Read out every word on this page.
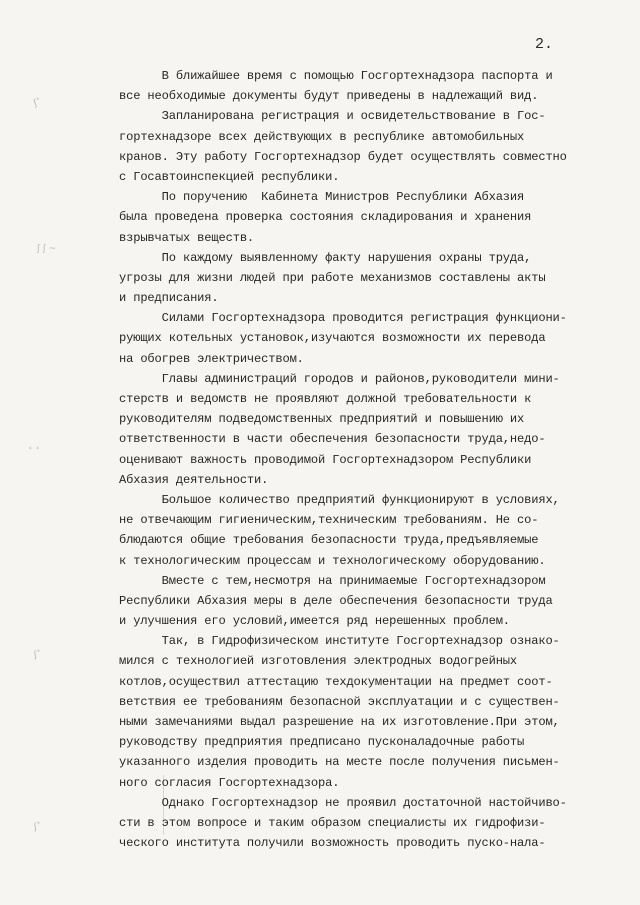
2.
ʃ˃
ʃ ʃ ~
˂ ˂
ʃ˃
ʃ˃
В ближайшее время с помощью Госгортехнадзора паспорта и
все необходимые документы будут приведены в надлежащий вид.
Запланирована регистрация и освидетельствование в Гос-
гортехнадзоре всех действующих в республике автомобильных
кранов. Эту работу Госгортехнадзор будет осуществлять совместно
с Госавтоинспекцией республики.
По поручению  Кабинета Министров Республики Абхазия
была проведена проверка состояния складирования и хранения
взрывчатых веществ.
По каждому выявленному факту нарушения охраны труда,
угрозы для жизни людей при работе механизмов составлены акты
и предписания.
Силами Госгортехнадзора проводится регистрация функциони-
рующих котельных установок,изучаются возможности их перевода
на обогрев электричеством.
Главы администраций городов и районов,руководители мини-
стерств и ведомств не проявляют должной требовательности к
руководителям подведомственных предприятий и повышению их
ответственности в части обеспечения безопасности труда,недо-
оценивают важность проводимой Госгортехнадзором Республики
Абхазия деятельности.
Большое количество предприятий функционируют в условиях,
не отвечающим гигиеническим,техническим требованиям. Не со-
блюдаются общие требования безопасности труда,предъявляемые
к технологическим процессам и технологическому оборудованию.
Вместе с тем,несмотря на принимаемые Госгортехнадзором
Республики Абхазия меры в деле обеспечения безопасности труда
и улучшения его условий,имеется ряд нерешенных проблем.
Так, в Гидрофизическом институте Госгортехнадзор ознако-
мился с технологией изготовления электродных водогрейных
котлов,осуществил аттестацию техдокументации на предмет соот-
ветствия ее требованиям безопасной эксплуатации и с существен-
ными замечаниями выдал разрешение на их изготовление.При этом,
руководству предприятия предписано пусконаладочные работы
указанного изделия проводить на месте после получения письмен-
ного согласия Госгортехнадзора.
Однако Госгортехнадзор не проявил достаточной настойчиво-
сти в этом вопросе и таким образом специалисты их гидрофизи-
ческого института получили возможность проводить пуско-нала-
